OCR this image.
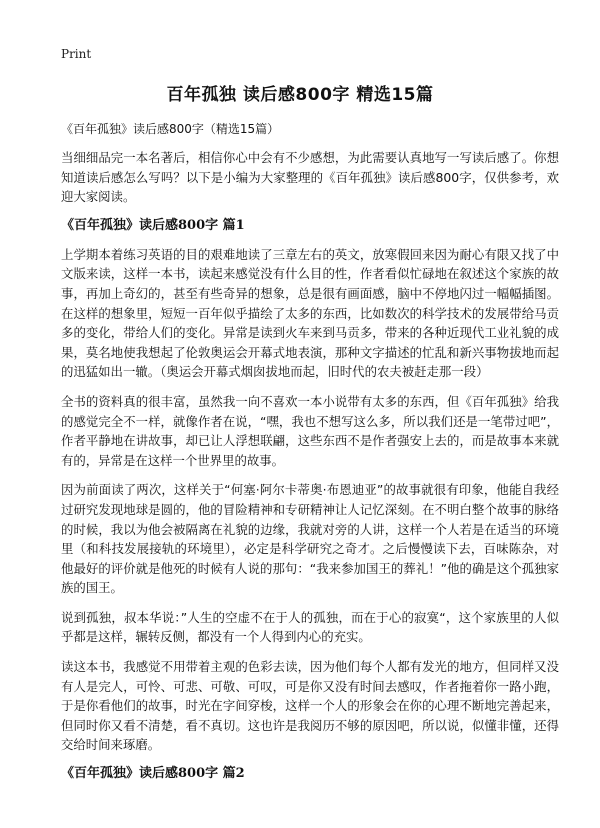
Print
百年孤独 读后感800字 精选15篇
《百年孤独》读后感800字（精选15篇）

当细细品完一本名著后，相信你心中会有不少感想，为此需要认真地写一写读后感了。你想知道读后感怎么写吗？以下是小编为大家整理的《百年孤独》读后感800字，仅供参考，欢迎大家阅读。

《百年孤独》读后感800字 篇1

上学期本着练习英语的目的艰难地读了三章左右的英文，放寒假回来因为耐心有限又找了中文版来读，这样一本书，读起来感觉没有什么目的性，作者看似忙碌地在叙述这个家族的故事，再加上奇幻的，甚至有些奇异的想象，总是很有画面感，脑中不停地闪过一幅幅插图。在这样的想象里，短短一百年似乎描绘了太多的东西，比如数次的科学技术的发展带给马贡多的变化，带给人们的变化。异常是读到火车来到马贡多，带来的各种近现代工业礼貌的成果，莫名地使我想起了伦敦奥运会开幕式地表演，那种文字描述的忙乱和新兴事物拔地而起的迅猛如出一辙。（奥运会开幕式烟囱拔地而起，旧时代的农夫被赶走那一段）

全书的资料真的很丰富，虽然我一向不喜欢一本小说带有太多的东西，但《百年孤独》给我的感觉完全不一样，就像作者在说，“嘿，我也不想写这么多，所以我们还是一笔带过吧”，作者平静地在讲故事，却已让人浮想联翩，这些东西不是作者强安上去的，而是故事本来就有的，异常是在这样一个世界里的故事。

因为前面读了两次，这样关于“何塞·阿尔卡蒂奥·布恩迪亚”的故事就很有印象，他能自我经过研究发现地球是圆的，他的冒险精神和专研精神让人记忆深刻。在不明白整个故事的脉络的时候，我以为他会被隔离在礼貌的边缘，我就对旁的人讲，这样一个人若是在适当的环境里（和科技发展接轨的环境里），必定是科学研究之奇才。之后慢慢读下去，百味陈杂，对他最好的评价就是他死的时候有人说的那句：“我来参加国王的葬礼！”他的确是这个孤独家族的国王。

说到孤独，叔本华说：”人生的空虚不在于人的孤独，而在于心的寂寞“，这个家族里的人似乎都是这样，辗转反侧，都没有一个人得到内心的充实。

读这本书，我感觉不用带着主观的色彩去读，因为他们每个人都有发光的地方，但同样又没有人是完人，可怜、可悲、可敬、可叹，可是你又没有时间去感叹，作者拖着你一路小跑，于是你看他们的故事，时光在字间穿梭，这样一个人的形象会在你的心理不断地完善起来，但同时你又看不清楚，看不真切。这也许是我阅历不够的原因吧，所以说，似懂非懂，还得交给时间来琢磨。

《百年孤独》读后感800字 篇2
